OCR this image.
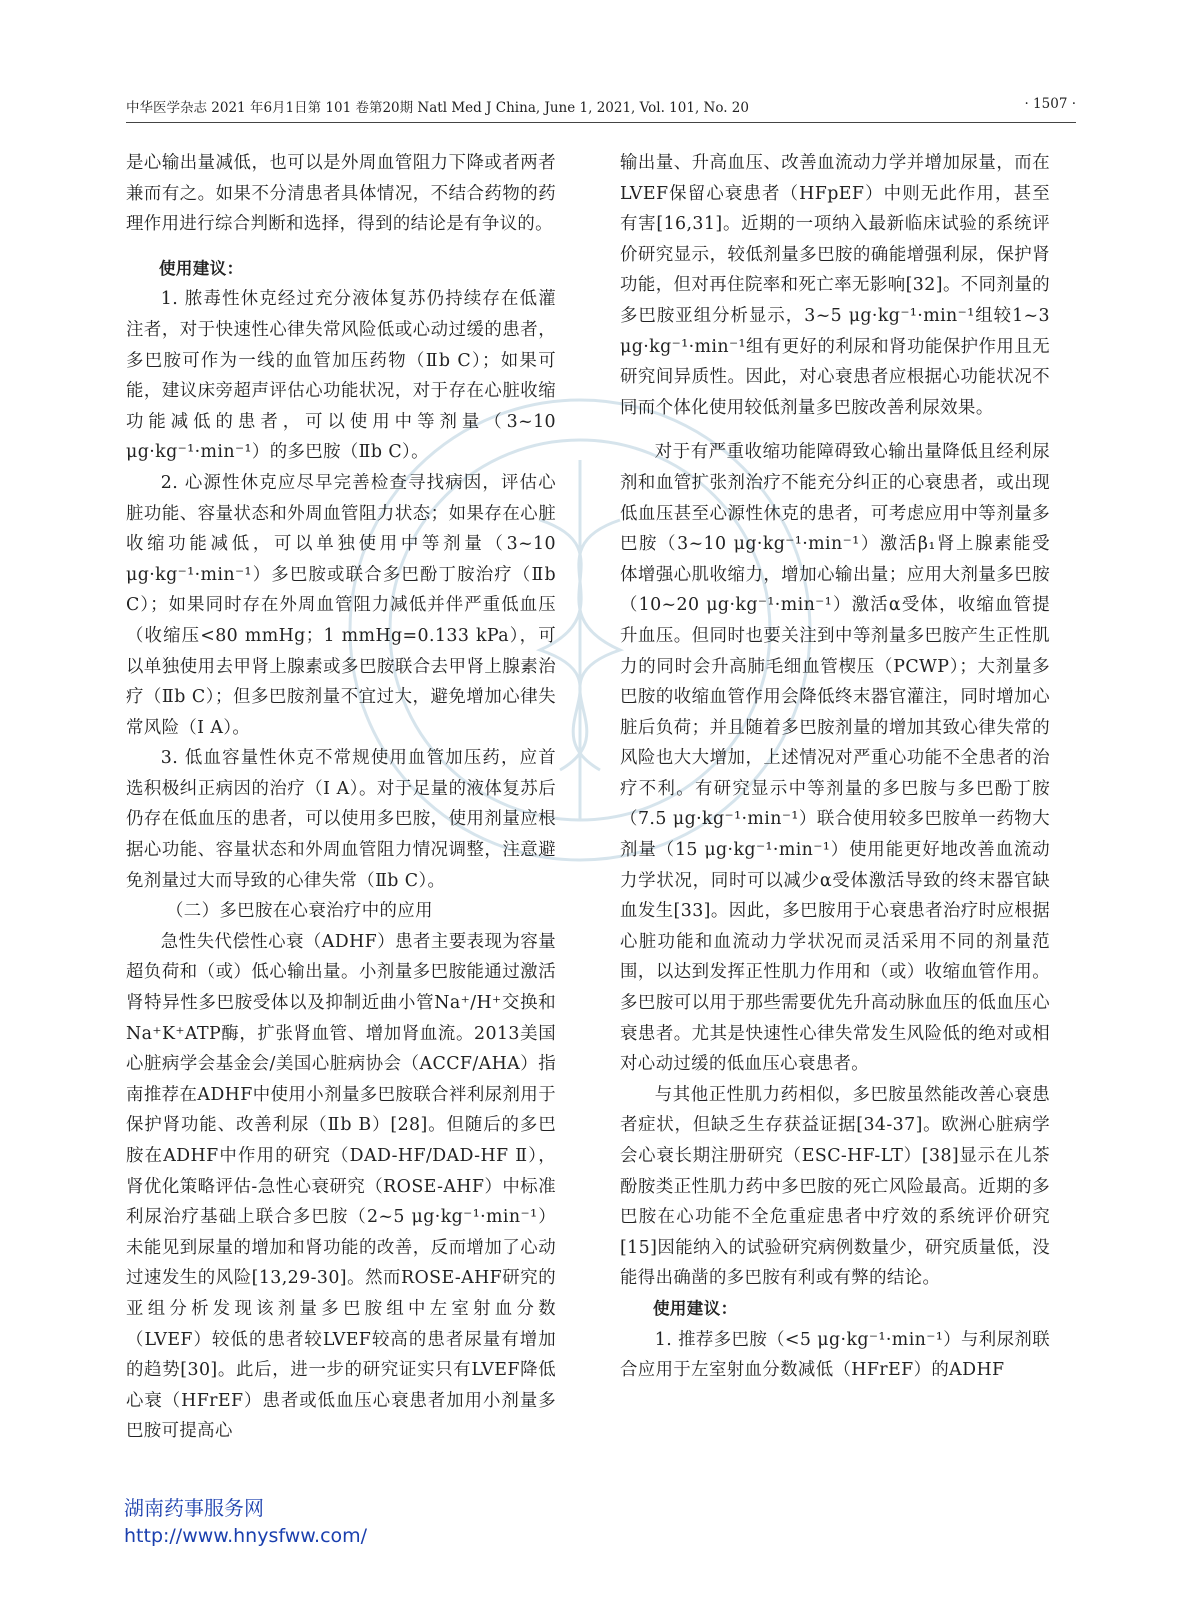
中华医学杂志 2021 年6月1日第 101 卷第20期 Natl Med J China, June 1, 2021, Vol. 101, No. 20	· 1507 ·

是心输出量减低，也可以是外周血管阻力下降或者两者兼而有之。如果不分清患者具体情况，不结合药物的药理作用进行综合判断和选择，得到的结论是有争议的。

使用建议：

1. 脓毒性休克经过充分液体复苏仍持续存在低灌注者，对于快速性心律失常风险低或心动过缓的患者，多巴胺可作为一线的血管加压药物（Ⅱb C）；如果可能，建议床旁超声评估心功能状况，对于存在心脏收缩功能减低的患者，可以使用中等剂量（3~10 μg·kg⁻¹·min⁻¹）的多巴胺（Ⅱb C）。

2. 心源性休克应尽早完善检查寻找病因，评估心脏功能、容量状态和外周血管阻力状态；如果存在心脏收缩功能减低，可以单独使用中等剂量（3~10 μg·kg⁻¹·min⁻¹）多巴胺或联合多巴酚丁胺治疗（Ⅱb C）；如果同时存在外周血管阻力减低并伴严重低血压（收缩压<80 mmHg；1 mmHg=0.133 kPa），可以单独使用去甲肾上腺素或多巴胺联合去甲肾上腺素治疗（Ⅱb C）；但多巴胺剂量不宜过大，避免增加心律失常风险（Ⅰ A）。

3. 低血容量性休克不常规使用血管加压药，应首选积极纠正病因的治疗（Ⅰ A）。对于足量的液体复苏后仍存在低血压的患者，可以使用多巴胺，使用剂量应根据心功能、容量状态和外周血管阻力情况调整，注意避免剂量过大而导致的心律失常（Ⅱb C）。

（二）多巴胺在心衰治疗中的应用

急性失代偿性心衰（ADHF）患者主要表现为容量超负荷和（或）低心输出量。小剂量多巴胺能通过激活肾特异性多巴胺受体以及抑制近曲小管Na⁺/H⁺交换和Na⁺K⁺ATP酶，扩张肾血管、增加肾血流。2013美国心脏病学会基金会/美国心脏病协会（ACCF/AHA）指南推荐在ADHF中使用小剂量多巴胺联合袢利尿剂用于保护肾功能、改善利尿（Ⅱb B）[28]。但随后的多巴胺在ADHF中作用的研究（DAD-HF/DAD-HF Ⅱ），肾优化策略评估-急性心衰研究（ROSE-AHF）中标准利尿治疗基础上联合多巴胺（2~5 μg·kg⁻¹·min⁻¹）未能见到尿量的增加和肾功能的改善，反而增加了心动过速发生的风险[13,29-30]。然而ROSE-AHF研究的亚组分析发现该剂量多巴胺组中左室射血分数（LVEF）较低的患者较LVEF较高的患者尿量有增加的趋势[30]。此后，进一步的研究证实只有LVEF降低心衰（HFrEF）患者或低血压心衰患者加用小剂量多巴胺可提高心

输出量、升高血压、改善血流动力学并增加尿量，而在LVEF保留心衰患者（HFpEF）中则无此作用，甚至有害[16,31]。近期的一项纳入最新临床试验的系统评价研究显示，较低剂量多巴胺的确能增强利尿，保护肾功能，但对再住院率和死亡率无影响[32]。不同剂量的多巴胺亚组分析显示，3~5 μg·kg⁻¹·min⁻¹组较1~3 μg·kg⁻¹·min⁻¹组有更好的利尿和肾功能保护作用且无研究间异质性。因此，对心衰患者应根据心功能状况不同而个体化使用较低剂量多巴胺改善利尿效果。

对于有严重收缩功能障碍致心输出量降低且经利尿剂和血管扩张剂治疗不能充分纠正的心衰患者，或出现低血压甚至心源性休克的患者，可考虑应用中等剂量多巴胺（3~10 μg·kg⁻¹·min⁻¹）激活β₁肾上腺素能受体增强心肌收缩力，增加心输出量；应用大剂量多巴胺（10~20 μg·kg⁻¹·min⁻¹）激活α受体，收缩血管提升血压。但同时也要关注到中等剂量多巴胺产生正性肌力的同时会升高肺毛细血管楔压（PCWP）；大剂量多巴胺的收缩血管作用会降低终末器官灌注，同时增加心脏后负荷；并且随着多巴胺剂量的增加其致心律失常的风险也大大增加，上述情况对严重心功能不全患者的治疗不利。有研究显示中等剂量的多巴胺与多巴酚丁胺（7.5 μg·kg⁻¹·min⁻¹）联合使用较多巴胺单一药物大剂量（15 μg·kg⁻¹·min⁻¹）使用能更好地改善血流动力学状况，同时可以减少α受体激活导致的终末器官缺血发生[33]。因此，多巴胺用于心衰患者治疗时应根据心脏功能和血流动力学状况而灵活采用不同的剂量范围，以达到发挥正性肌力作用和（或）收缩血管作用。多巴胺可以用于那些需要优先升高动脉血压的低血压心衰患者。尤其是快速性心律失常发生风险低的绝对或相对心动过缓的低血压心衰患者。

与其他正性肌力药相似，多巴胺虽然能改善心衰患者症状，但缺乏生存获益证据[34-37]。欧洲心脏病学会心衰长期注册研究（ESC-HF-LT）[38]显示在儿茶酚胺类正性肌力药中多巴胺的死亡风险最高。近期的多巴胺在心功能不全危重症患者中疗效的系统评价研究[15]因能纳入的试验研究病例数量少，研究质量低，没能得出确凿的多巴胺有利或有弊的结论。

使用建议：

1. 推荐多巴胺（<5 μg·kg⁻¹·min⁻¹）与利尿剂联合应用于左室射血分数减低（HFrEF）的ADHF

湖南药事服务网
http://www.hnysfww.com/
